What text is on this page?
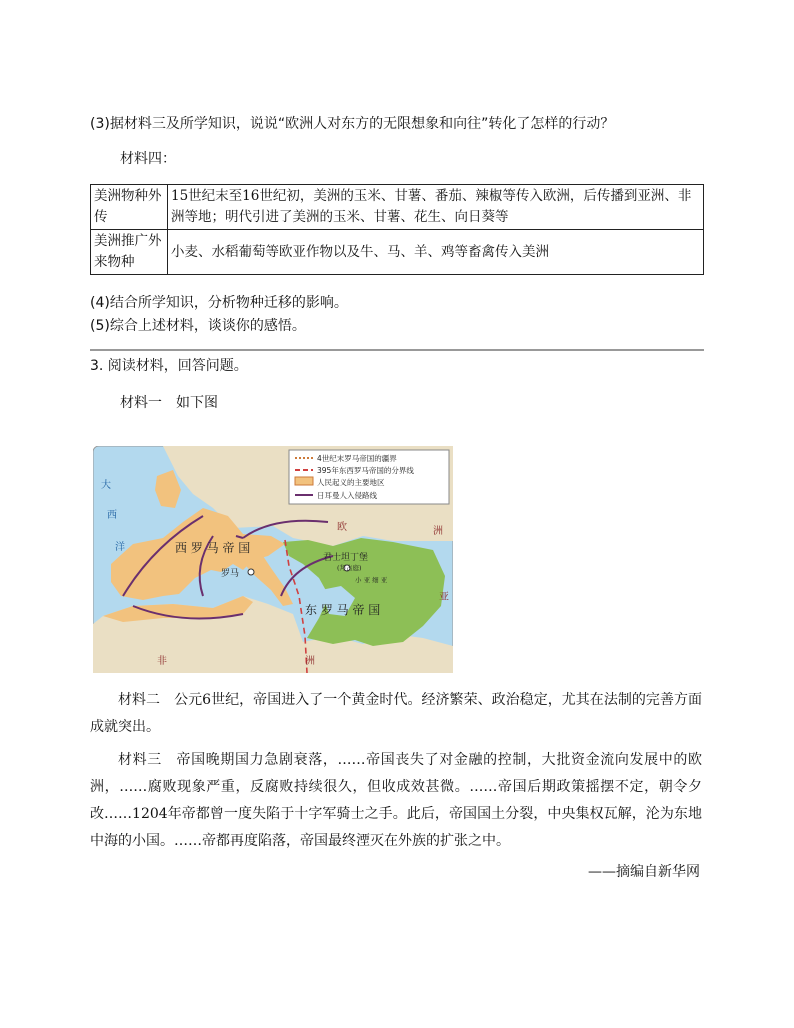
(3)据材料三及所学知识，说说“欧洲人对东方的无限想象和向往”转化了怎样的行动？
材料四：
美洲物种外传	15世纪末至16世纪初，美洲的玉米、甘薯、番茄、辣椒等传入欧洲，后传播到亚洲、非洲等地；明代引进了美洲的玉米、甘薯、花生、向日葵等
美洲推广外来物种	小麦、水稻葡萄等欧亚作物以及牛、马、羊、鸡等畜禽传入美洲
(4)结合所学知识，分析物种迁移的影响。
(5)综合上述材料，谈谈你的感悟。
3. 阅读材料，回答问题。
材料一　如下图
4世纪末罗马帝国的疆界
395年东西罗马帝国的分界线
人民起义的主要地区
日耳曼人入侵路线
大
西
洋	西 罗 马 帝 国
罗马
君士坦丁堡
(拜占庭)
小 亚 细 亚
东 罗 马 帝 国
欧	洲
亚
非	洲
材料二　公元6世纪，帝国进入了一个黄金时代。经济繁荣、政治稳定，尤其在法制的完善方面成就突出。
材料三　帝国晚期国力急剧衰落，……帝国丧失了对金融的控制，大批资金流向发展中的欧洲，……腐败现象严重，反腐败持续很久，但收成效甚微。……帝国后期政策摇摆不定，朝令夕改……1204年帝都曾一度失陷于十字军骑士之手。此后，帝国国土分裂，中央集权瓦解，沦为东地中海的小国。……帝都再度陷落，帝国最终湮灭在外族的扩张之中。
——摘编自新华网
